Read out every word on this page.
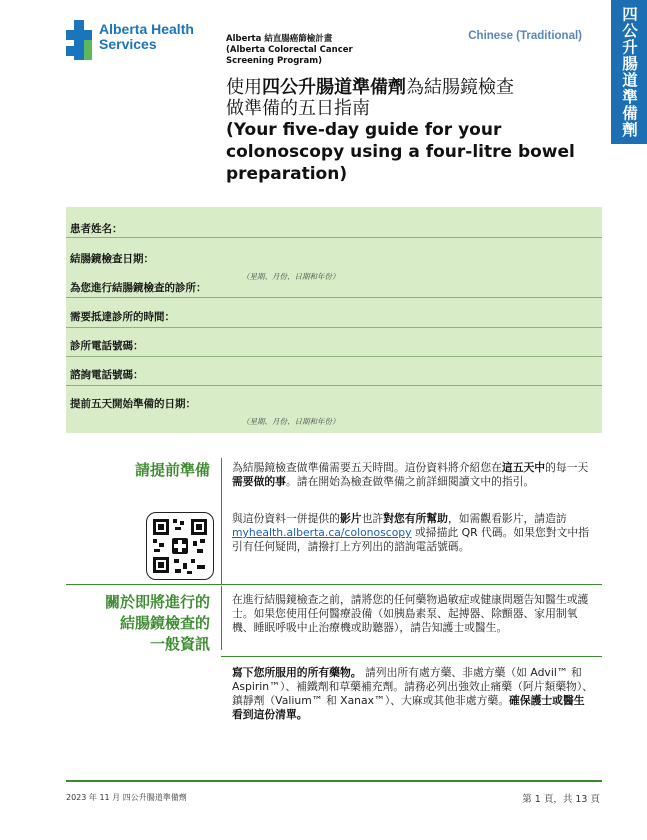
Alberta Health
Services	Alberta 結直腸癌篩檢計畫
(Alberta Colorectal Cancer
Screening Program)
Chinese (Traditional) 四公升腸道準備劑
使用四公升腸道準備劑為結腸鏡檢查
做準備的五日指南
(Your five-day guide for your
colonoscopy using a four-litre bowel
preparation)
患者姓名：
結腸鏡檢查日期：
（星期、月份、日期和年份）
為您進行結腸鏡檢查的診所：
需要抵達診所的時間：
診所電話號碼：
諮詢電話號碼：
提前五天開始準備的日期：
（星期、月份、日期和年份）
請提前準備 為結腸鏡檢查做準備需要五天時間。這份資料將介紹您在這五天中的每一天需要做的事。請在開始為檢查做準備之前詳細閱讀文中的指引。
與這份資料一併提供的影片也許對您有所幫助，如需觀看影片，請造訪 myhealth.alberta.ca/colonoscopy 或掃描此 QR 代碼。如果您對文中指引有任何疑問，請撥打上方列出的諮詢電話號碼。
關於即將進行的
結腸鏡檢查的
一般資訊
在進行結腸鏡檢查之前，請將您的任何藥物過敏症或健康問題告知醫生或護士。如果您使用任何醫療設備（如胰島素泵、起搏器、除顫器、家用制氧機、睡眠呼吸中止治療機或助聽器），請告知護士或醫生。
寫下您所服用的所有藥物。 請列出所有處方藥、非處方藥（如 Advil™ 和 Aspirin™）、補鐵劑和草藥補充劑。請務必列出強效止痛藥（阿片類藥物）、鎮靜劑（Valium™ 和 Xanax™）、大麻或其他非處方藥。確保護士或醫生看到這份清單。
2023 年 11 月 四公升腸道準備劑	第 1 頁，共 13 頁
